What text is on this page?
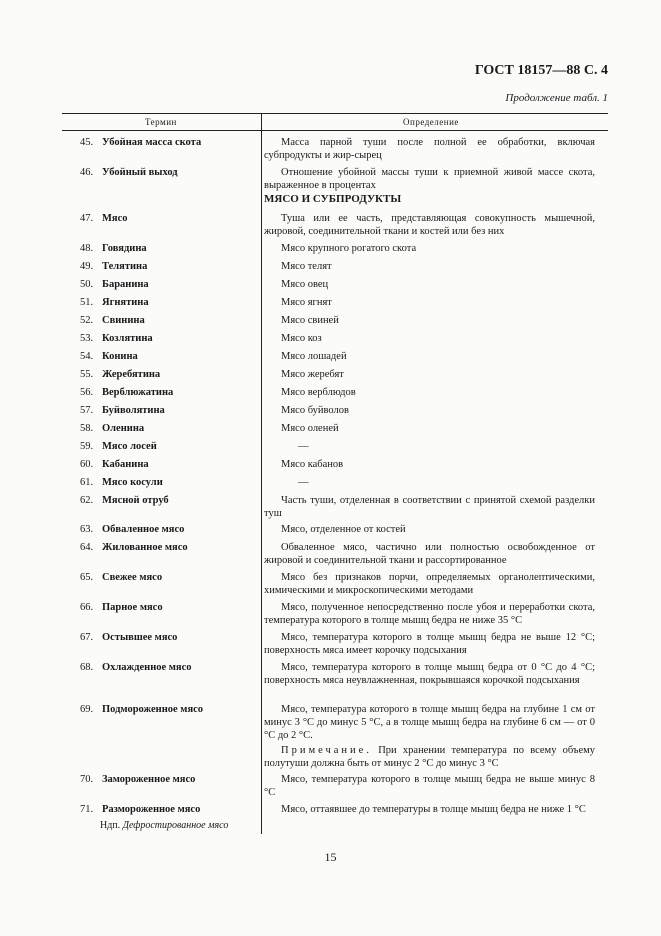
ГОСТ 18157—88 С. 4
Продолжение табл. 1
Термин	Определение
МЯСО И СУБПРОДУКТЫ
45. Убойная масса скота	Масса парной туши после полной ее обработки, включая субпродукты и жир-сырец

46. Убойный выход	Отношение убойной массы туши к приемной живой массе скота, выраженное в процентах

47. Мясо	Туша или ее часть, представляющая совокупность мышечной, жировой, соединительной ткани и костей или без них

48. Говядина	Мясо крупного рогатого скота

49. Телятина	Мясо телят

50. Баранина	Мясо овец

51. Ягнятина	Мясо ягнят

52. Свинина	Мясо свиней

53. Козлятина	Мясо коз

54. Конина	Мясо лошадей

55. Жеребятина	Мясо жеребят

56. Верблюжатина	Мясо верблюдов

57. Буйволятина	Мясо буйволов

58. Оленина	Мясо оленей

59. Мясо лосей	—

60. Кабанина	Мясо кабанов

61. Мясо косули	—

62. Мясной отруб	Часть туши, отделенная в соответствии с принятой схемой разделки туш

63. Обваленное мясо	Мясо, отделенное от костей

64. Жилованное мясо	Обваленное мясо, частично или полностью освобожденное от жировой и соединительной ткани и рассортированное

65. Свежее мясо	Мясо без признаков порчи, определяемых органолептическими, химическими и микроскопическими методами

66. Парное мясо	Мясо, полученное непосредственно после убоя и переработки скота, температура которого в толще мышц бедра не ниже 35 °С

67. Остывшее мясо	Мясо, температура которого в толще мышц бедра не выше 12 °С; поверхность мяса имеет корочку подсыхания

68. Охлажденное мясо	Мясо, температура которого в толще мышц бедра от 0 °С до 4 °С; поверхность мяса неувлажненная, покрывшаяся корочкой подсыхания

69. Подмороженное мясо	Мясо, температура которого в толще мышц бедра на глубине 1 см от минус 3 °С до минус 5 °С, а в толще мышц бедра на глубине 6 см — от 0 °С до 2 °С.

70. Замороженное мясо	Мясо, температура которого в толще мышц бедра не выше минус 8 °С

71. Размороженное мясо	Мясо, оттаявшее до температуры в толще мышц бедра не ниже 1 °С

Примечание. При хранении температура по всему объему полутуши должна быть от минус 2 °С до минус 3 °С

Ндп. Дефростированное мясо
15
